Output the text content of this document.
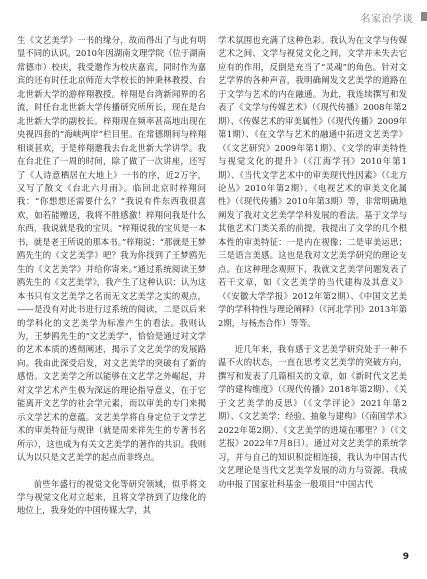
名家治学谈

生《文艺美学》一书的缘分，故而得出了与此有明显不同的认识。2010年因湖南文理学院（位于湖南常德市）校庆，我受邀作为校庆嘉宾，同时作为嘉宾的还有时任北京师范大学校长的钟秉林教授、台北世新大学的游梓翔教授。梓翔是台湾新闻界的名流，时任台北世新大学传播研究所所长，现在是台北世新大学的副校长。梓翔现在频率甚高地出现在央视四套的“海峡两岸”栏目里。在常德期间与梓翔相谈甚欢，于是梓翔邀我去台北世新大学讲学。我在台北住了一周的时间，除了做了一次讲座，还写了《人诗意栖居在大地上》一书的序，近2万字，又写了散文《台北六月雨》。临回北京时梓翔问我：“你想想还需要什么？”我说有件东西我很喜欢，如若能赠送，我将不胜感激！梓翔问我是什么东西，我说就是我的宝贝。“梓翔说我的宝贝是一本书，就是老王所说的那本书。”梓翔说：“那就是王梦鸥先生的《文艺美学》吧？我为你找到了王梦鸥先生的《文艺美学》并给你寄来。”通过系统阅读王梦鸥先生的《文艺美学》，我产生了这种认识：认为这本书只有文艺美学之名而无文艺美学之实的观点，——是没有对此书进行过系统的阅读，二是以后来的学科化的文艺美学为标准产生的看法。我则认为，王梦鸥先生的“文艺美学”，恰恰是通过对文学的艺术本质的透彻阐述，揭示了文艺美学的发展路向。我由此深受启发，对文艺美学的突破有了新的感悟。文艺美学之所以能够在文艺学之外崛起，并对文学艺术产生极为深远的理论指导意义，在于它能离开文艺学的社会学元素，而以审美的专门来揭示文学艺术的意蕴。文艺美学将自身定位于文学艺术的审美特征与规律（就是周来祥先生的专著书名所示），这也成为有关文艺美学的著作的共识。我则认为以只是文艺美学的起点而非终点。

前些年盛行的视觉文化等研究领域，似乎将文学与视觉文化对立起来，且将文学挤到了边缘化的地位上，我身处的中国传媒大学，其

学术氛围也充满了这种色彩。我认为在文学与传媒艺术之间、文学与视觉文化之间，文学并未失去它应有的作用，反倒是充当了“灵魂”的角色。针对文艺学界的各种声音，我明确阐发文艺美学的道路在于文学与艺术的内在融通。为此，我连续撰写和发表了《文学与传媒艺术》（《现代传播》2008年第2期）、《传媒艺术的审美属性》（《现代传播》2009年第1期）、《在文学与艺术的融通中拓进文艺美学》（《文艺研究》2009年第1期）、《文学的审美特性与视觉文化的提升》（《江海学刊》2010年第1期）、《当代文学艺术中的审美现代性因素》（《北方论丛》2010年第2期）、《电视艺术的审美文化属性》（《现代传播》2010年第3期）等，非常明确地阐发了我对文艺美学学科发展的看法。基于文学与其他艺术门类关系的前提，我提出了文学的几个根本性的审美特征：一是内在视像；二是审美运思；三是语言美感。这也是我对文艺美学研究的理论支点。在这种理念观照下，我就文艺美学问题发表了若干文章，如《文艺美学的当代建构及其意义》（《安徽大学学报》2012年第2期）、《中国文艺美学的学科特性与理论阐释》（《河北学刊》2013年第2期，与杨杰合作）等等。

近几年来，我有感于文艺美学研究处于一种不温不火的状态，一直在思考文艺美学的突破方向，撰写和发表了几篇相关的文章，如《新时代文艺美学的建构维度》（《现代传播》2018年第2期）、《关于文艺美学的反思》（《文学评论》2021年第2期）、《文艺美学：经验、抽象与建构》（《南国学术》2022年第2期）、《文艺美学的进境在哪里？》（《文艺报》2022年7月8日）。通过对文艺美学的系统学习，并与自己的知识积淀相连接，我认为中国古代文艺理论是当代文艺美学发展的动力与资源。我成功申报了国家社科基金一般项目“中国古代

9
